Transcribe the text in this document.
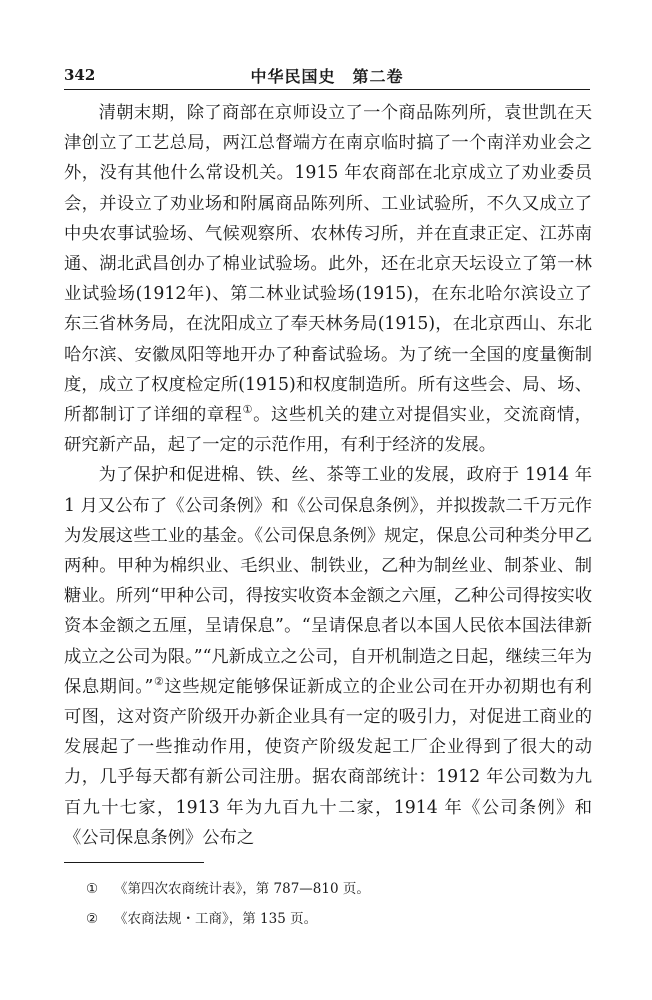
342	中华民国史　第二卷

清朝末期，除了商部在京师设立了一个商品陈列所，袁世凯在天津创立了工艺总局，两江总督端方在南京临时搞了一个南洋劝业会之外，没有其他什么常设机关。1915 年农商部在北京成立了劝业委员会，并设立了劝业场和附属商品陈列所、工业试验所，不久又成立了中央农事试验场、气候观察所、农林传习所，并在直隶正定、江苏南通、湖北武昌创办了棉业试验场。此外，还在北京天坛设立了第一林业试验场(1912年)、第二林业试验场(1915)，在东北哈尔滨设立了东三省林务局，在沈阳成立了奉天林务局(1915)，在北京西山、东北哈尔滨、安徽凤阳等地开办了种畜试验场。为了统一全国的度量衡制度，成立了权度检定所(1915)和权度制造所。所有这些会、局、场、所都制订了详细的章程①。这些机关的建立对提倡实业，交流商情，研究新产品，起了一定的示范作用，有利于经济的发展。

为了保护和促进棉、铁、丝、茶等工业的发展，政府于 1914 年 1 月又公布了《公司条例》和《公司保息条例》，并拟拨款二千万元作为发展这些工业的基金。《公司保息条例》规定，保息公司种类分甲乙两种。甲种为棉织业、毛织业、制铁业，乙种为制丝业、制茶业、制糖业。所列“甲种公司，得按实收资本金额之六厘，乙种公司得按实收资本金额之五厘，呈请保息”。“呈请保息者以本国人民依本国法律新成立之公司为限。”“凡新成立之公司，自开机制造之日起，继续三年为保息期间。”②这些规定能够保证新成立的企业公司在开办初期也有利可图，这对资产阶级开办新企业具有一定的吸引力，对促进工商业的发展起了一些推动作用，使资产阶级发起工厂企业得到了很大的动力，几乎每天都有新公司注册。据农商部统计：1912 年公司数为九百九十七家，1913 年为九百九十二家，1914 年《公司条例》和《公司保息条例》公布之

① 《第四次农商统计表》，第 787—810 页。
② 《农商法规・工商》，第 135 页。
